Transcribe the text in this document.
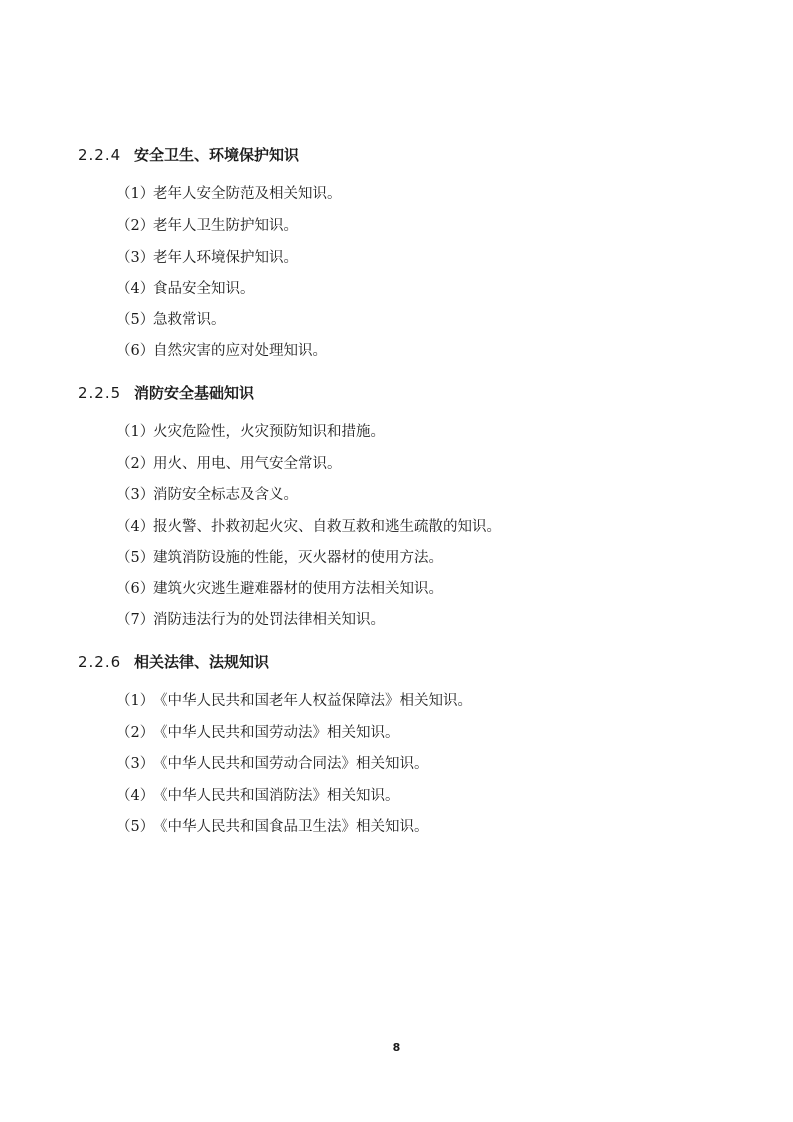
2.2.4 安全卫生、环境保护知识
（1）老年人安全防范及相关知识。
（2）老年人卫生防护知识。
（3）老年人环境保护知识。
（4）食品安全知识。
（5）急救常识。
（6）自然灾害的应对处理知识。
2.2.5 消防安全基础知识
（1）火灾危险性，火灾预防知识和措施。
（2）用火、用电、用气安全常识。
（3）消防安全标志及含义。
（4）报火警、扑救初起火灾、自救互救和逃生疏散的知识。
（5）建筑消防设施的性能，灭火器材的使用方法。
（6）建筑火灾逃生避难器材的使用方法相关知识。
（7）消防违法行为的处罚法律相关知识。
2.2.6 相关法律、法规知识
（1）《中华人民共和国老年人权益保障法》相关知识。
（2）《中华人民共和国劳动法》相关知识。
（3）《中华人民共和国劳动合同法》相关知识。
（4）《中华人民共和国消防法》相关知识。
（5）《中华人民共和国食品卫生法》相关知识。
8
